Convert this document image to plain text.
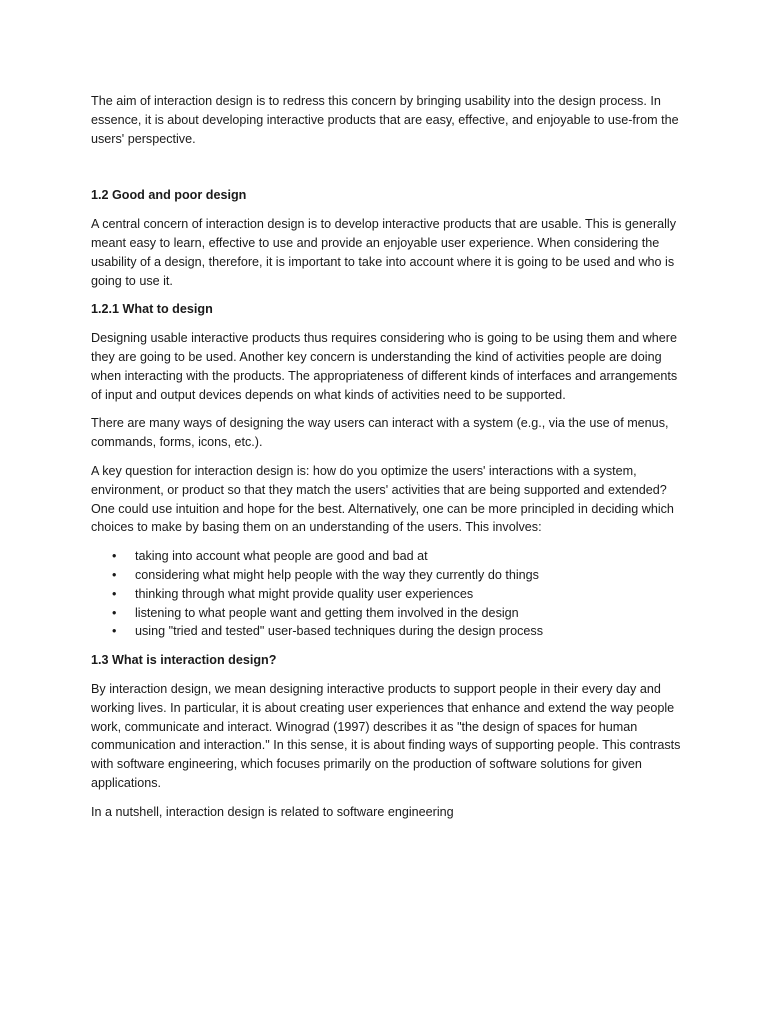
The aim of interaction design is to redress this concern by bringing usability into the design process. In essence, it is about developing interactive products that are easy, effective, and enjoyable to use-from the users' perspective.

1.2 Good and poor design

A central concern of interaction design is to develop interactive products that are usable. This is generally meant easy to learn, effective to use and provide an enjoyable user experience. When considering the usability of a design, therefore, it is important to take into account where it is going to be used and who is going to use it.

1.2.1 What to design

Designing usable interactive products thus requires considering who is going to be using them and where they are going to be used. Another key concern is understanding the kind of activities people are doing when interacting with the products. The appropriateness of different kinds of interfaces and arrangements of input and output devices depends on what kinds of activities need to be supported.

There are many ways of designing the way users can interact with a system (e.g., via the use of menus, commands, forms, icons, etc.).

A key question for interaction design is: how do you optimize the users' interactions with a system, environment, or product so that they match the users' activities that are being supported and extended? One could use intuition and hope for the best. Alternatively, one can be more principled in deciding which choices to make by basing them on an understanding of the users. This involves:

• taking into account what people are good and bad at
• considering what might help people with the way they currently do things
• thinking through what might provide quality user experiences
• listening to what people want and getting them involved in the design
• using "tried and tested" user-based techniques during the design process
1.3 What is interaction design?

By interaction design, we mean designing interactive products to support people in their every day and working lives. In particular, it is about creating user experiences that enhance and extend the way people work, communicate and interact. Winograd (1997) describes it as "the design of spaces for human communication and interaction." In this sense, it is about finding ways of supporting people. This contrasts with software engineering, which focuses primarily on the production of software solutions for given applications.

In a nutshell, interaction design is related to software engineering
